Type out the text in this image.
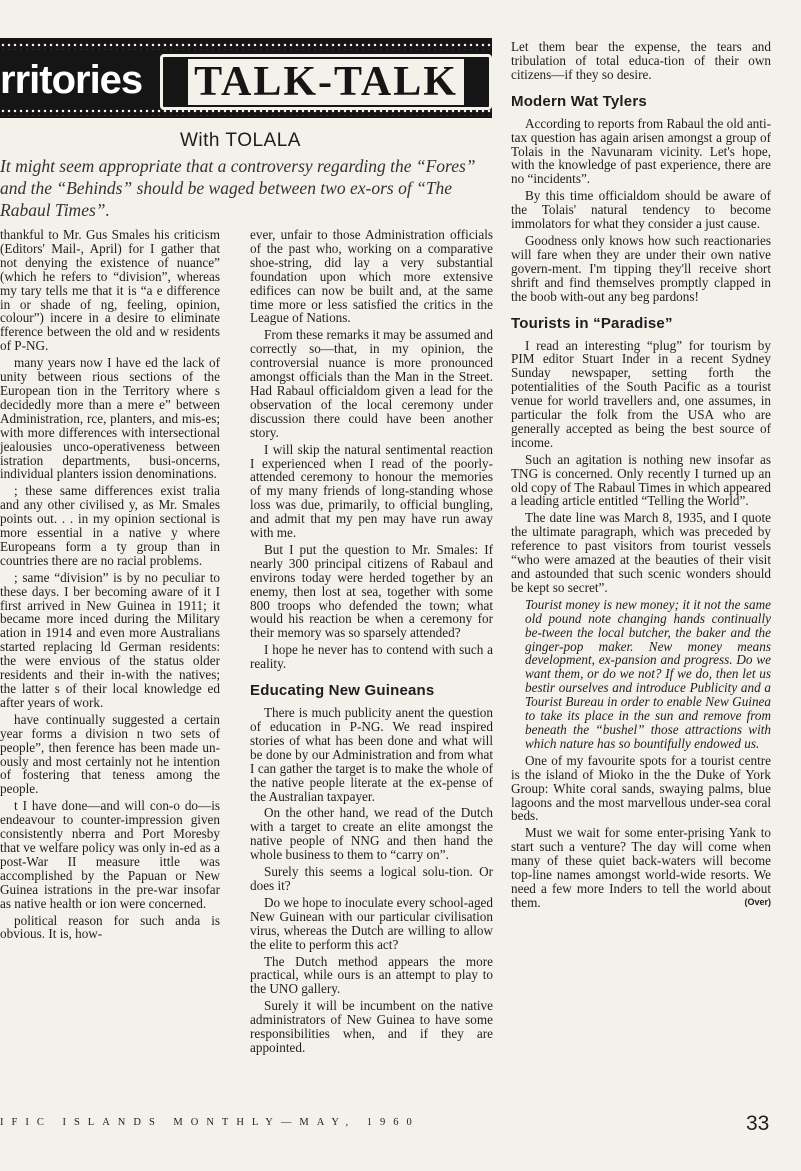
rritories TALK-TALK
With TOLALA
It might seem appropriate that a controversy regarding the “Fores” and the “Behinds” should be waged between two ex-ors of “The Rabaul Times”.

thankful to Mr. Gus Smales his criticism (Editors' Mail-, April) for I gather that not denying the existence of nuance” (which he refers to “division”, whereas my tary tells me that it is “a e difference in or shade of ng, feeling, opinion, colour”) incere in a desire to eliminate fference between the old and w residents of P-NG.

many years now I have ed the lack of unity between rious sections of the European tion in the Territory where s decidedly more than a mere e” between Administration, rce, planters, and mis-es; with more differences with intersectional jealousies unco-operativeness between istration departments, busi-oncerns, individual planters ission denominations.

; these same differences exist tralia and any other civilised y, as Mr. Smales points out. . . in my opinion sectional is more essential in a native y where Europeans form a ty group than in countries there are no racial problems.

; same “division” is by no peculiar to these days. I ber becoming aware of it I first arrived in New Guinea in 1911; it became more inced during the Military ation in 1914 and even more Australians started replacing ld German residents: the were envious of the status older residents and their in-with the natives; the latter s of their local knowledge ed after years of work.

have continually suggested a certain year forms a division n two sets of people”, then ference has been made un-ously and most certainly not he intention of fostering that teness among the people.

t I have done—and will con-o do—is endeavour to counter-impression given consistently nberra and Port Moresby that ve welfare policy was only in-ed as a post-War II measure ittle was accomplished by the Papuan or New Guinea istrations in the pre-war insofar as native health or ion were concerned.

political reason for such anda is obvious. It is, how-

ever, unfair to those Administration officials of the past who, working on a comparative shoe-string, did lay a very substantial foundation upon which more extensive edifices can now be built and, at the same time more or less satisfied the critics in the League of Nations.

From these remarks it may be assumed and correctly so—that, in my opinion, the controversial nuance is more pronounced amongst officials than the Man in the Street. Had Rabaul officialdom given a lead for the observation of the local ceremony under discussion there could have been another story.

I will skip the natural sentimental reaction I experienced when I read of the poorly-attended ceremony to honour the memories of my many friends of long-standing whose loss was due, primarily, to official bungling, and admit that my pen may have run away with me.

But I put the question to Mr. Smales: If nearly 300 principal citizens of Rabaul and environs today were herded together by an enemy, then lost at sea, together with some 800 troops who defended the town; what would his reaction be when a ceremony for their memory was so sparsely attended?

I hope he never has to contend with such a reality.

Educating New Guineans

There is much publicity anent the question of education in P-NG. We read inspired stories of what has been done and what will be done by our Administration and from what I can gather the target is to make the whole of the native people literate at the ex-pense of the Australian taxpayer.

On the other hand, we read of the Dutch with a target to create an elite amongst the native people of NNG and then hand the whole business to them to “carry on”.

Surely this seems a logical solu-tion. Or does it?

Do we hope to inoculate every school-aged New Guinean with our particular civilisation virus, whereas the Dutch are willing to allow the elite to perform this act?

The Dutch method appears the more practical, while ours is an attempt to play to the UNO gallery.

Surely it will be incumbent on the native administrators of New Guinea to have some responsibilities when, and if they are appointed.

Let them bear the expense, the tears and tribulation of total educa-tion of their own citizens—if they so desire.

Modern Wat Tylers

According to reports from Rabaul the old anti-tax question has again arisen amongst a group of Tolais in the Navunaram vicinity. Let's hope, with the knowledge of past experience, there are no “incidents”.

By this time officialdom should be aware of the Tolais' natural tendency to become immolators for what they consider a just cause.

Goodness only knows how such reactionaries will fare when they are under their own native govern-ment. I'm tipping they'll receive short shrift and find themselves promptly clapped in the boob with-out any beg pardons!

Tourists in “Paradise”

I read an interesting “plug” for tourism by PIM editor Stuart Inder in a recent Sydney Sunday newspaper, setting forth the potentialities of the South Pacific as a tourist venue for world travellers and, one assumes, in particular the folk from the USA who are generally accepted as being the best source of income.

Such an agitation is nothing new insofar as TNG is concerned. Only recently I turned up an old copy of The Rabaul Times in which appeared a leading article entitled “Telling the World”.

The date line was March 8, 1935, and I quote the ultimate paragraph, which was preceded by reference to past visitors from tourist vessels “who were amazed at the beauties of their visit and astounded that such scenic wonders should be kept so secret”.

Tourist money is new money; it it not the same old pound note changing hands continually be-tween the local butcher, the baker and the ginger-pop maker. New money means development, ex-pansion and progress. Do we want them, or do we not? If we do, then let us bestir ourselves and introduce Publicity and a Tourist Bureau in order to enable New Guinea to take its place in the sun and remove from beneath the “bushel” those attractions with which nature has so bountifully endowed us.

One of my favourite spots for a tourist centre is the island of Mioko in the the Duke of York Group: White coral sands, swaying palms, blue lagoons and the most marvellous under-sea coral beds.

Must we wait for some enter-prising Yank to start such a venture? The day will come when many of these quiet back-waters will become top-line names amongst world-wide resorts. We need a few more Inders to tell the world about them.	(Over)

IFIC ISLANDS MONTHLY—MAY, 1960	33
